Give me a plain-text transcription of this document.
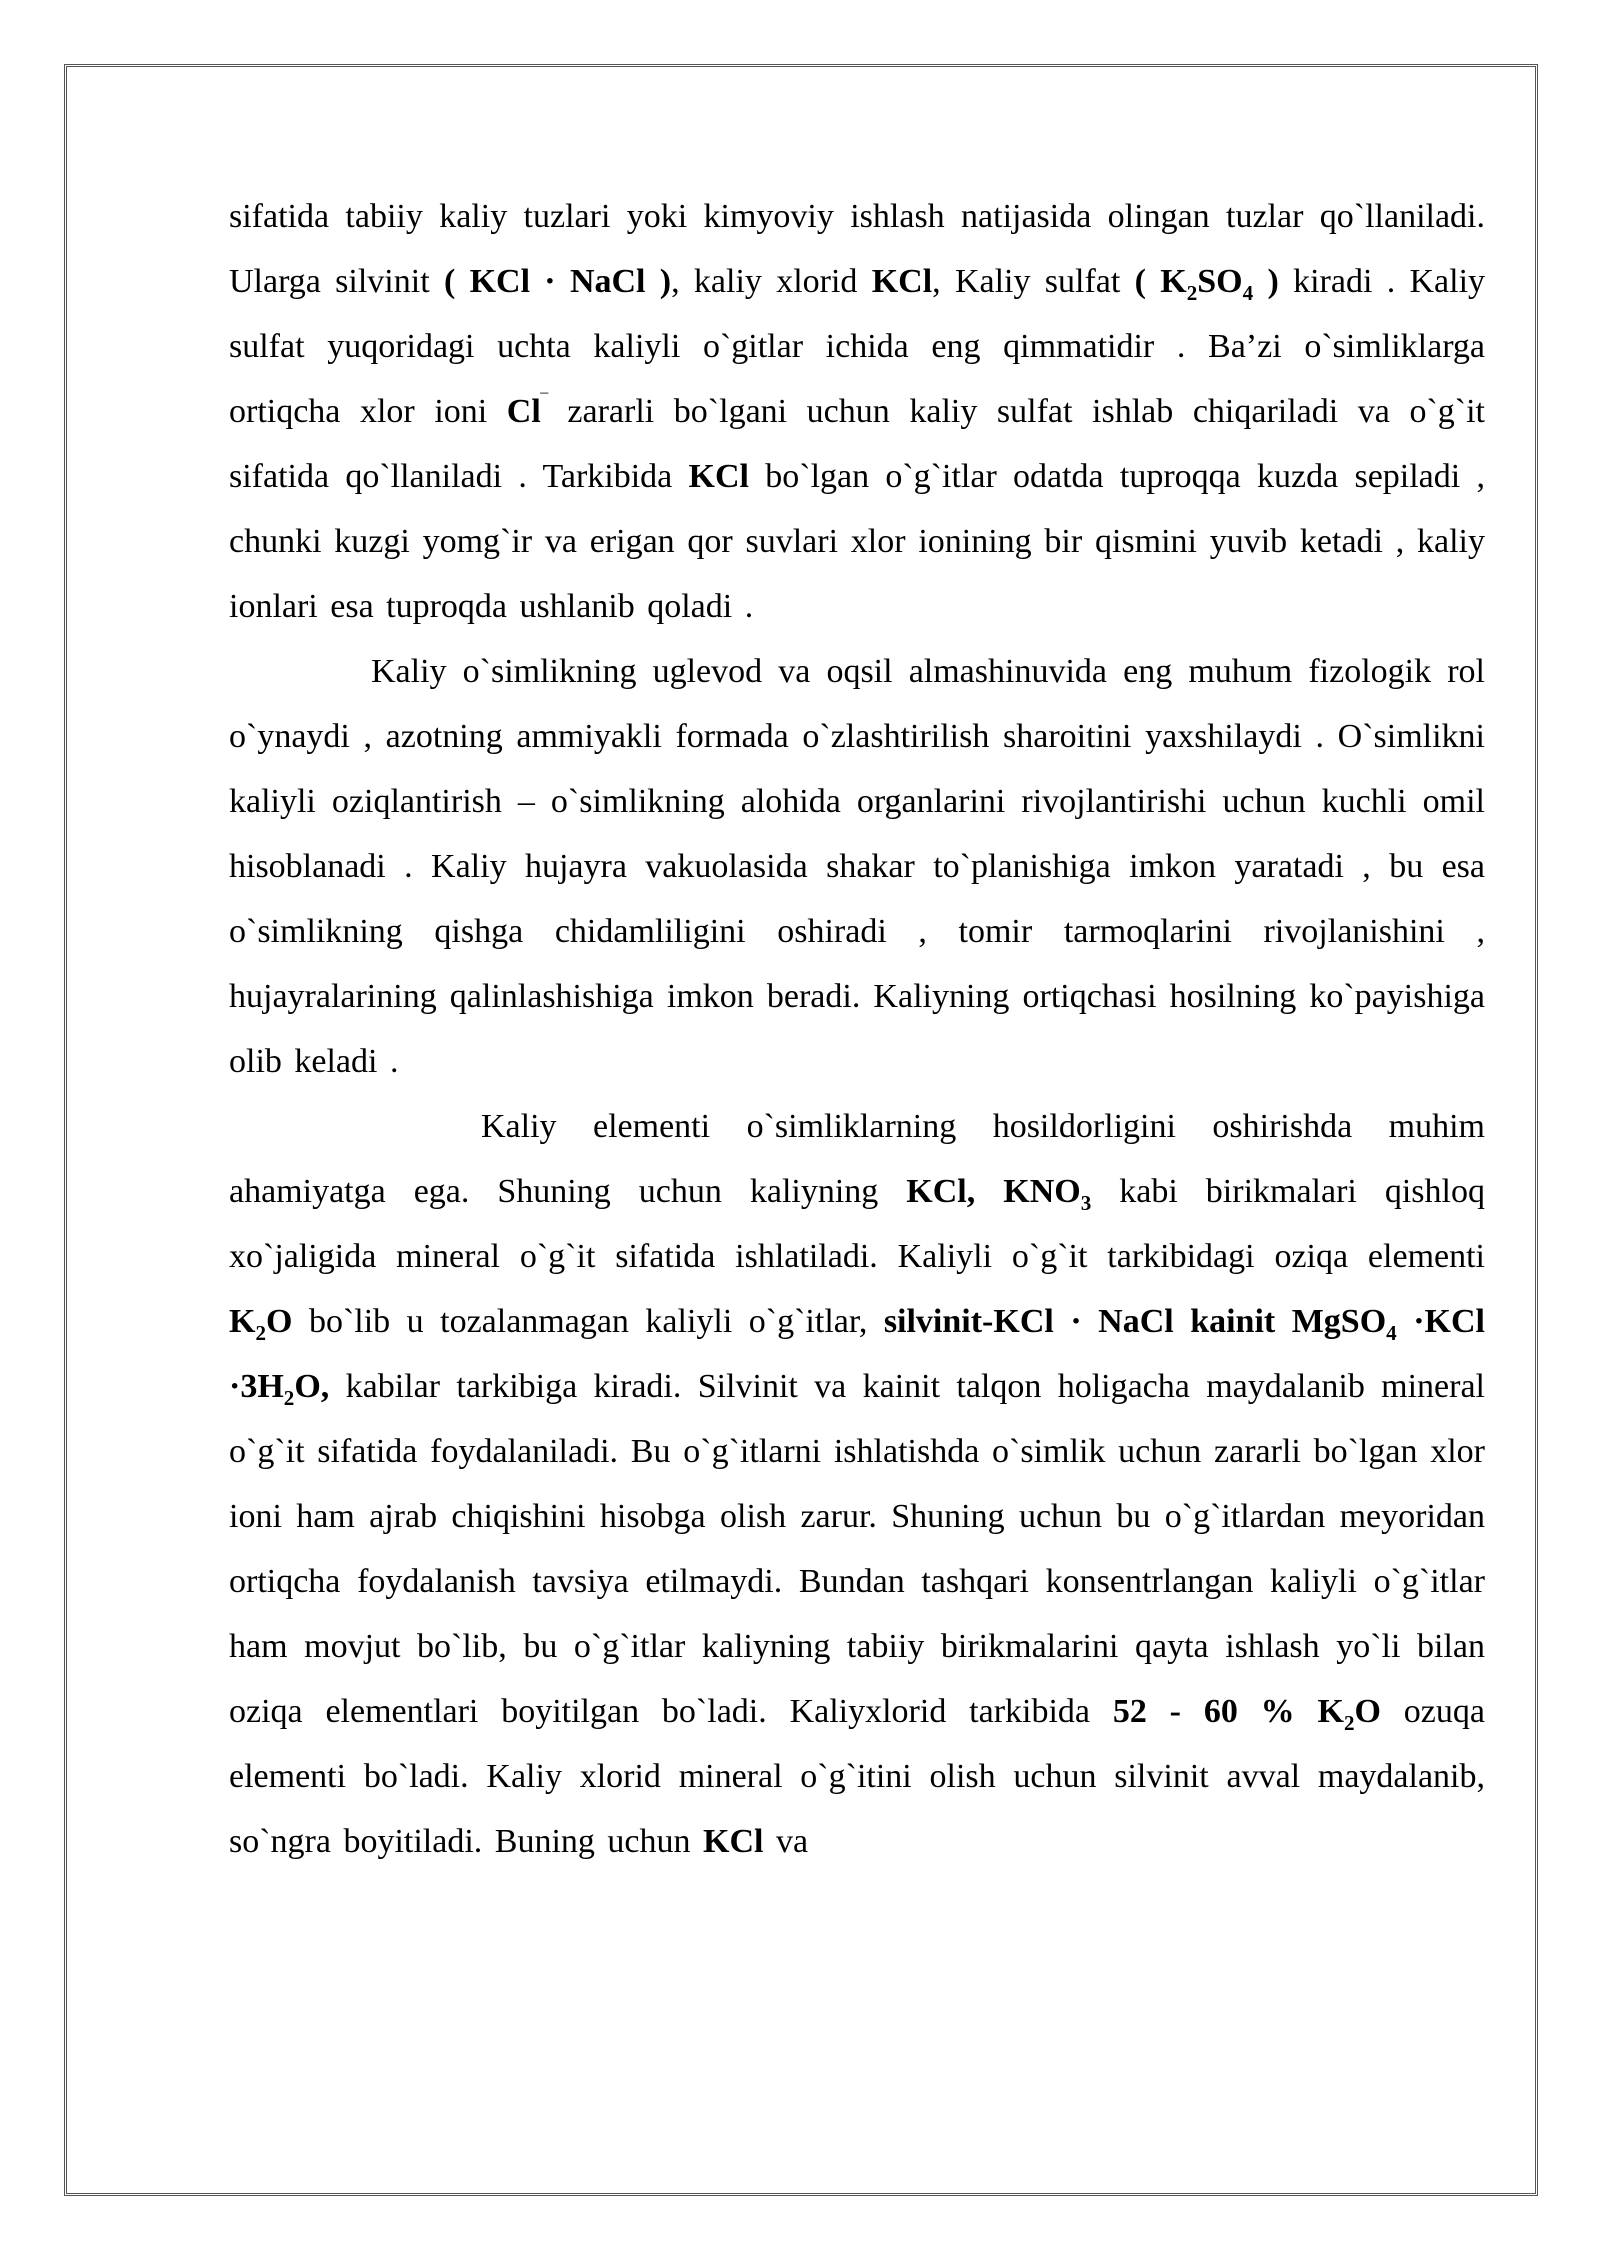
sifatida tabiiy kaliy tuzlari yoki kimyoviy ishlash natijasida olingan tuzlar qo`llaniladi. Ularga silvinit ( KCl · NaCl ), kaliy xlorid KCl, Kaliy sulfat ( $K_2SO_4$ ) kiradi . Kaliy sulfat yuqoridagi uchta kaliyli o`gitlar ichida eng qimmatidir . Ba’zi o`simliklarga ortiqcha xlor ioni Cl‾ zararli bo`lgani uchun kaliy sulfat ishlab chiqariladi va o`g`it sifatida qo`llaniladi . Tarkibida KCl bo`lgan o`g`itlar odatda tuproqqa kuzda sepiladi , chunki kuzgi yomg`ir va erigan qor suvlari xlor ionining bir qismini yuvib ketadi , kaliy ionlari esa tuproqda ushlanib qoladi .

Kaliy o`simlikning uglevod va oqsil almashinuvida eng muhum fizologik rol o`ynaydi , azotning ammiyakli formada o`zlashtirilish sharoitini yaxshilaydi . O`simlikni kaliyli oziqlantirish – o`simlikning alohida organlarini rivojlantirishi uchun kuchli omil hisoblanadi . Kaliy hujayra vakuolasida shakar to`planishiga imkon yaratadi , bu esa o`simlikning qishga chidamliligini oshiradi , tomir tarmoqlarini rivojlanishini , hujayralarining qalinlashishiga imkon beradi. Kaliyning ortiqchasi hosilning ko`payishiga olib keladi .

Kaliy elementi o`simliklarning hosildorligini oshirishda muhim ahamiyatga ega. Shuning uchun kaliyning KCl, $KNO_3$ kabi birikmalari qishloq xo`jaligida mineral o`g`it sifatida ishlatiladi. Kaliyli o`g`it tarkibidagi oziqa elementi $K_2O$ bo`lib u tozalanmagan kaliyli o`g`itlar, silvinit-KCl · NaCl kainit MgSO$_4$ $\cdot KCl \cdot 3H_2O$, kabilar tarkibiga kiradi. Silvinit va kainit talqon holigacha maydalanib mineral o`g`it sifatida foydalaniladi. Bu o`g`itlarni ishlatishda o`simlik uchun zararli bo`lgan xlor ioni ham ajrab chiqishini hisobga olish zarur. Shuning uchun bu o`g`itlardan meyoridan ortiqcha foydalanish tavsiya etilmaydi. Bundan tashqari konsentrlangan kaliyli o`g`itlar ham movjut bo`lib, bu o`g`itlar kaliyning tabiiy birikmalarini qayta ishlash yo`li bilan oziqa elementlari boyitilgan bo`ladi. Kaliyxlorid tarkibida 52 - 60 % $K_2O$ ozuqa elementi bo`ladi. Kaliy xlorid mineral o`g`itini olish uchun silvinit avval maydalanib, so`ngra boyitiladi. Buning uchun KCl va
